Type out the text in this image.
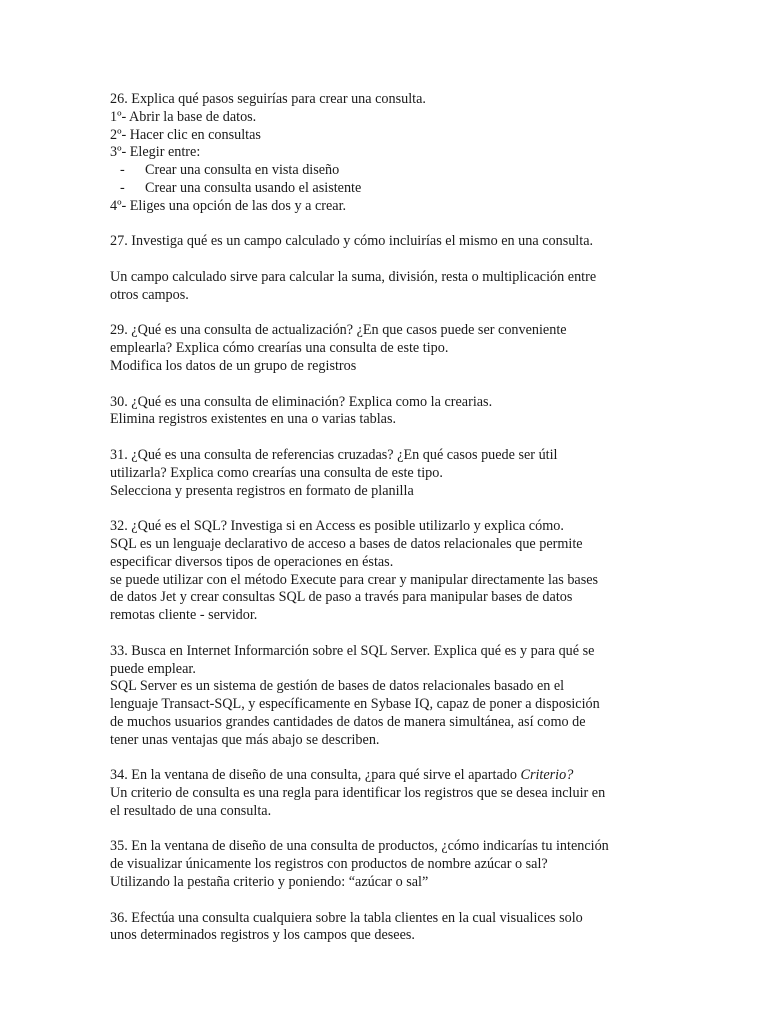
26. Explica qué pasos seguirías para crear una consulta.
1º- Abrir la base de datos.
2º- Hacer clic en consultas
3º- Elegir entre:
- Crear una consulta en vista diseño
- Crear una consulta usando el asistente
4º- Eliges una opción de las dos y a crear.
27. Investiga qué es un campo calculado y cómo incluirías el mismo en una consulta.
Un campo calculado sirve para calcular la suma, división, resta o multiplicación entre
otros campos.
29. ¿Qué es una consulta de actualización? ¿En que casos puede ser conveniente
emplearla? Explica cómo crearías una consulta de este tipo.
Modifica los datos de un grupo de registros
30. ¿Qué es una consulta de eliminación? Explica como la crearias.
Elimina registros existentes en una o varias tablas.
31. ¿Qué es una consulta de referencias cruzadas? ¿En qué casos puede ser útil
utilizarla? Explica como crearías una consulta de este tipo.
Selecciona y presenta registros en formato de planilla
32. ¿Qué es el SQL? Investiga si en Access es posible utilizarlo y explica cómo.
SQL es un lenguaje declarativo de acceso a bases de datos relacionales que permite
especificar diversos tipos de operaciones en éstas.
se puede utilizar con el método Execute para crear y manipular directamente las bases
de datos Jet y crear consultas SQL de paso a través para manipular bases de datos
remotas cliente - servidor.
33. Busca en Internet Informarción sobre el SQL Server. Explica qué es y para qué se
puede emplear.
SQL Server es un sistema de gestión de bases de datos relacionales basado en el
lenguaje Transact-SQL, y específicamente en Sybase IQ, capaz de poner a disposición
de muchos usuarios grandes cantidades de datos de manera simultánea, así como de
tener unas ventajas que más abajo se describen.
34. En la ventana de diseño de una consulta, ¿para qué sirve el apartado Criterio?
Un criterio de consulta es una regla para identificar los registros que se desea incluir en
el resultado de una consulta.
35. En la ventana de diseño de una consulta de productos, ¿cómo indicarías tu intención
de visualizar únicamente los registros con productos de nombre azúcar o sal?
Utilizando la pestaña criterio y poniendo: “azúcar o sal”
36. Efectúa una consulta cualquiera sobre la tabla clientes en la cual visualices solo
unos determinados registros y los campos que desees.
